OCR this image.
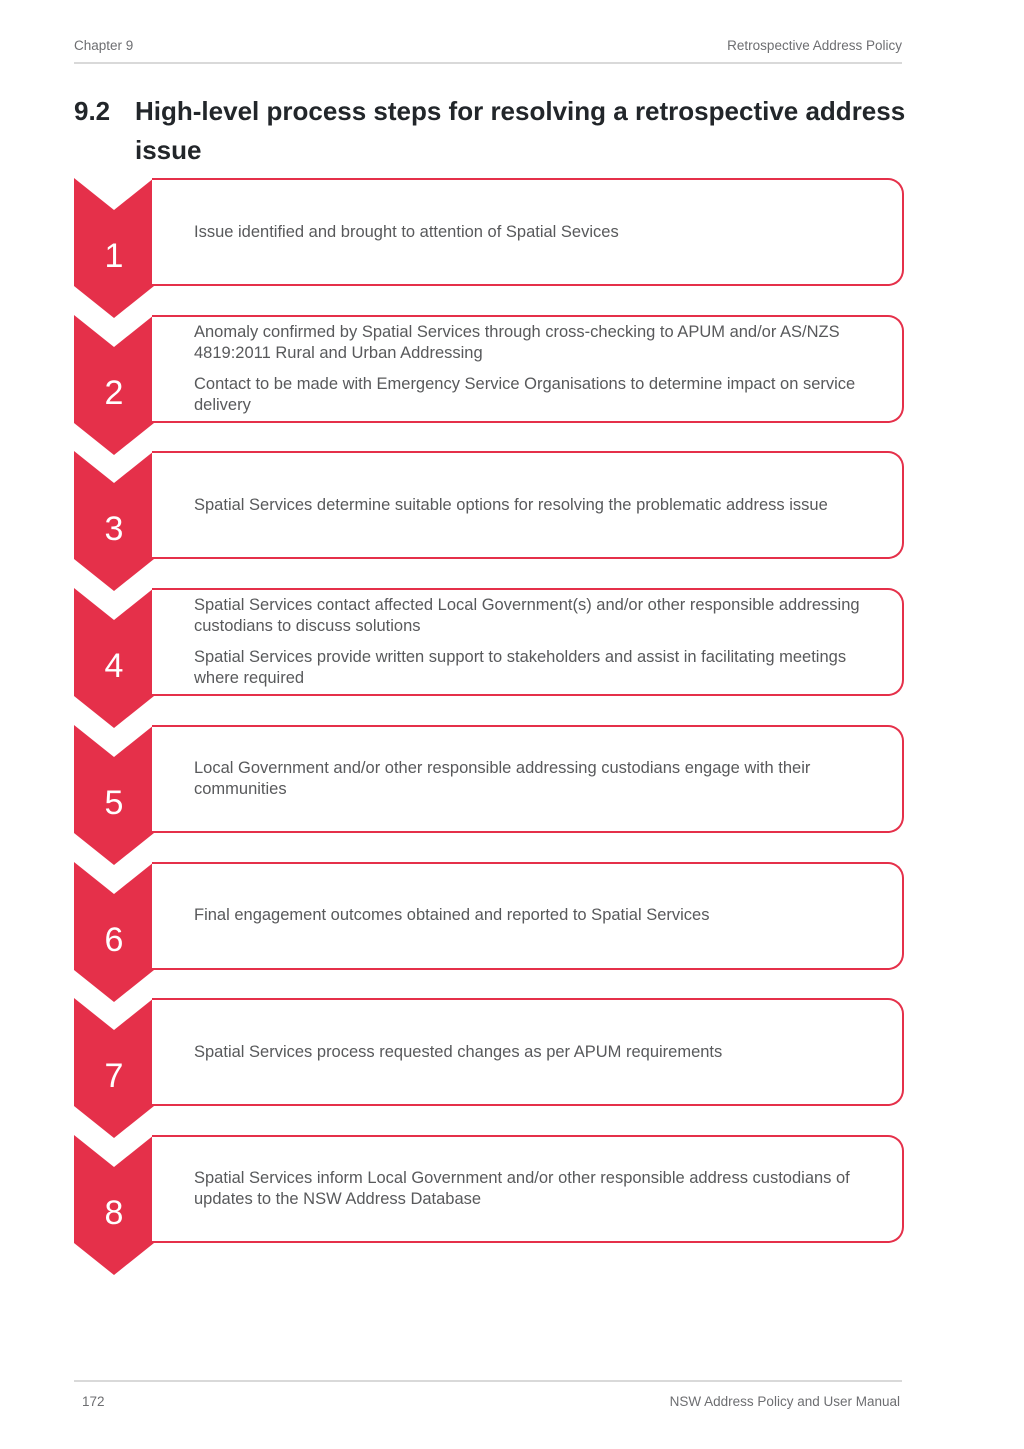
Chapter 9	Retrospective Address Policy
9.2 High-level process steps for resolving a retrospective address issue
1

Issue identified and brought to attention of Spatial Sevices

2

Anomaly confirmed by Spatial Services through cross-checking to APUM and/or AS/NZS 4819:2011 Rural and Urban Addressing

Contact to be made with Emergency Service Organisations to determine impact on service delivery

3

Spatial Services determine suitable options for resolving the problematic address issue

4

Spatial Services contact affected Local Government(s) and/or other responsible addressing custodians to discuss solutions

Spatial Services provide written support to stakeholders and assist in facilitating meetings where required

5

Local Government and/or other responsible addressing custodians engage with their communities

6

Final engagement outcomes obtained and reported to Spatial Services

7

Spatial Services process requested changes as per APUM requirements

8

Spatial Services inform Local Government and/or other responsible address custodians of updates to the NSW Address Database

172	NSW Address Policy and User Manual
